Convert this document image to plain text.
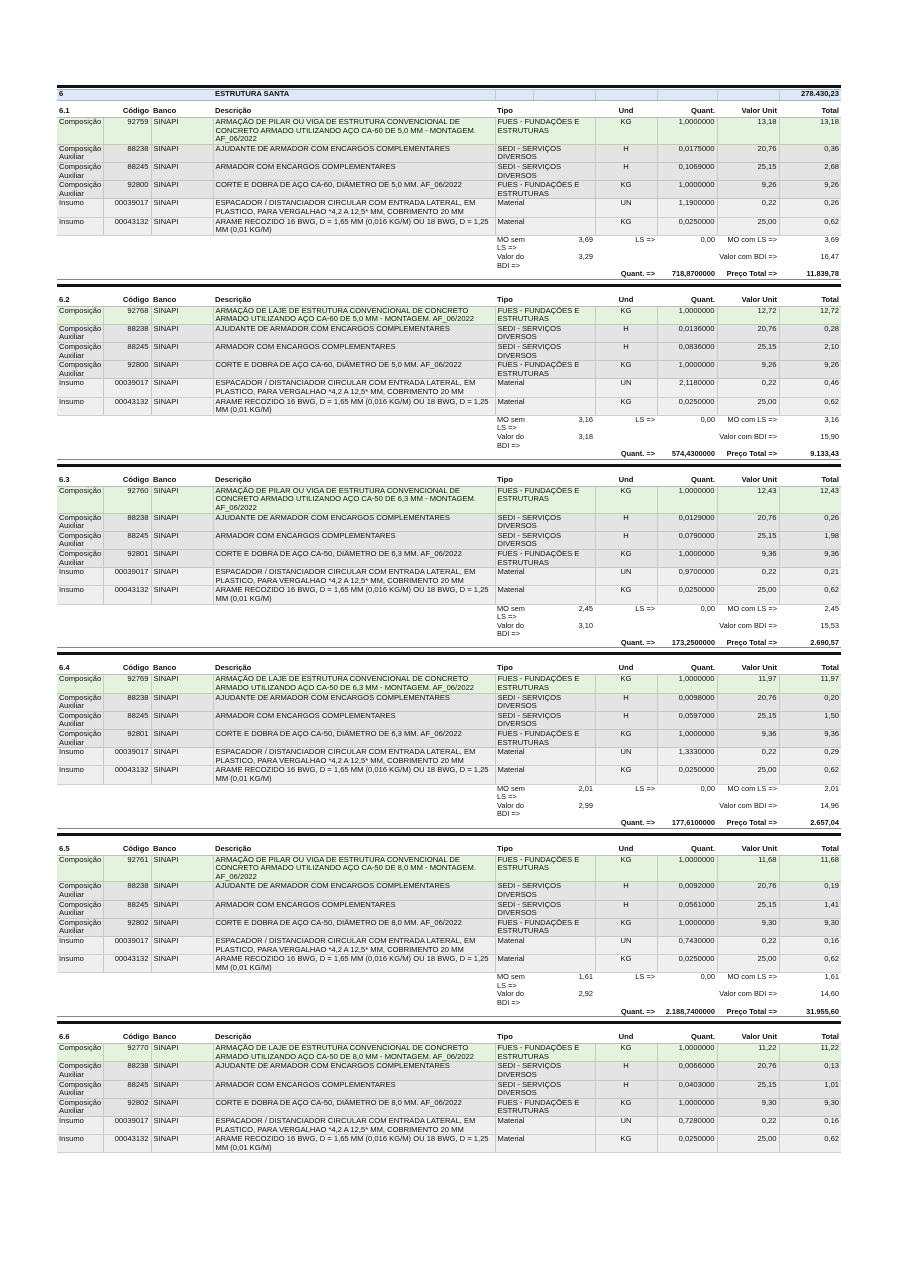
6			ESTRUTURA SANTA						278.430,23
6.1	Código	Banco	Descrição	Tipo		Und	Quant.	Valor Unit	Total
Composição	92759	SINAPI	ARMAÇÃO DE PILAR OU VIGA DE ESTRUTURA CONVENCIONAL DE CONCRETO ARMADO UTILIZANDO AÇO CA-60 DE 5,0 MM - MONTAGEM. AF_06/2022	FUES - FUNDAÇÕES E ESTRUTURAS		KG	1,0000000	13,18	13,18
Composição Auxiliar	88238	SINAPI	AJUDANTE DE ARMADOR COM ENCARGOS COMPLEMENTARES	SEDI - SERVIÇOS DIVERSOS		H	0,0175000	20,76	0,36
Composição Auxiliar	88245	SINAPI	ARMADOR COM ENCARGOS COMPLEMENTARES	SEDI - SERVIÇOS DIVERSOS		H	0,1069000	25,15	2,68
Composição Auxiliar	92800	SINAPI	CORTE E DOBRA DE AÇO CA-60, DIÂMETRO DE 5,0 MM. AF_06/2022	FUES - FUNDAÇÕES E ESTRUTURAS		KG	1,0000000	9,26	9,26
Insumo	00039017	SINAPI	ESPACADOR / DISTANCIADOR CIRCULAR COM ENTRADA LATERAL, EM PLASTICO, PARA VERGALHAO *4,2 A 12,5* MM, COBRIMENTO 20 MM	Material		UN	1,1900000	0,22	0,26
Insumo	00043132	SINAPI	ARAME RECOZIDO 16 BWG, D = 1,65 MM (0,016 KG/M) OU 18 BWG, D = 1,25 MM (0,01 KG/M)	Material		KG	0,0250000	25,00	0,62
				MO sem LS =>	3,69	LS =>	0,00	MO com LS =>	3,69
				Valor do BDI =>	3,29			Valor com BDI =>	16,47
						Quant. =>	718,8700000	Preço Total =>	11.839,78
6.2	Código	Banco	Descrição	Tipo		Und	Quant.	Valor Unit	Total
Composição	92768	SINAPI	ARMAÇÃO DE LAJE DE ESTRUTURA CONVENCIONAL DE CONCRETO ARMADO UTILIZANDO AÇO CA-60 DE 5,0 MM - MONTAGEM. AF_06/2022	FUES - FUNDAÇÕES E ESTRUTURAS		KG	1,0000000	12,72	12,72
Composição Auxiliar	88238	SINAPI	AJUDANTE DE ARMADOR COM ENCARGOS COMPLEMENTARES	SEDI - SERVIÇOS DIVERSOS		H	0,0136000	20,76	0,28
Composição Auxiliar	88245	SINAPI	ARMADOR COM ENCARGOS COMPLEMENTARES	SEDI - SERVIÇOS DIVERSOS		H	0,0836000	25,15	2,10
Composição Auxiliar	92800	SINAPI	CORTE E DOBRA DE AÇO CA-60, DIÂMETRO DE 5,0 MM. AF_06/2022	FUES - FUNDAÇÕES E ESTRUTURAS		KG	1,0000000	9,26	9,26
Insumo	00039017	SINAPI	ESPACADOR / DISTANCIADOR CIRCULAR COM ENTRADA LATERAL, EM PLASTICO, PARA VERGALHAO *4,2 A 12,5* MM, COBRIMENTO 20 MM	Material		UN	2,1180000	0,22	0,46
Insumo	00043132	SINAPI	ARAME RECOZIDO 16 BWG, D = 1,65 MM (0,016 KG/M) OU 18 BWG, D = 1,25 MM (0,01 KG/M)	Material		KG	0,0250000	25,00	0,62
				MO sem LS =>	3,16	LS =>	0,00	MO com LS =>	3,16
				Valor do BDI =>	3,18			Valor com BDI =>	15,90
						Quant. =>	574,4300000	Preço Total =>	9.133,43
6.3	Código	Banco	Descrição	Tipo		Und	Quant.	Valor Unit	Total
Composição	92760	SINAPI	ARMAÇÃO DE PILAR OU VIGA DE ESTRUTURA CONVENCIONAL DE CONCRETO ARMADO UTILIZANDO AÇO CA-50 DE 6,3 MM - MONTAGEM. AF_06/2022	FUES - FUNDAÇÕES E ESTRUTURAS		KG	1,0000000	12,43	12,43
Composição Auxiliar	88238	SINAPI	AJUDANTE DE ARMADOR COM ENCARGOS COMPLEMENTARES	SEDI - SERVIÇOS DIVERSOS		H	0,0129000	20,76	0,26
Composição Auxiliar	88245	SINAPI	ARMADOR COM ENCARGOS COMPLEMENTARES	SEDI - SERVIÇOS DIVERSOS		H	0,0790000	25,15	1,98
Composição Auxiliar	92801	SINAPI	CORTE E DOBRA DE AÇO CA-50, DIÂMETRO DE 6,3 MM. AF_06/2022	FUES - FUNDAÇÕES E ESTRUTURAS		KG	1,0000000	9,36	9,36
Insumo	00039017	SINAPI	ESPACADOR / DISTANCIADOR CIRCULAR COM ENTRADA LATERAL, EM PLASTICO, PARA VERGALHAO *4,2 A 12,5* MM, COBRIMENTO 20 MM	Material		UN	0,9700000	0,22	0,21
Insumo	00043132	SINAPI	ARAME RECOZIDO 16 BWG, D = 1,65 MM (0,016 KG/M) OU 18 BWG, D = 1,25 MM (0,01 KG/M)	Material		KG	0,0250000	25,00	0,62
				MO sem LS =>	2,45	LS =>	0,00	MO com LS =>	2,45
				Valor do BDI =>	3,10			Valor com BDI =>	15,53
						Quant. =>	173,2500000	Preço Total =>	2.690,57
6.4	Código	Banco	Descrição	Tipo		Und	Quant.	Valor Unit	Total
Composição	92769	SINAPI	ARMAÇÃO DE LAJE DE ESTRUTURA CONVENCIONAL DE CONCRETO ARMADO UTILIZANDO AÇO CA-50 DE 6,3 MM - MONTAGEM. AF_06/2022	FUES - FUNDAÇÕES E ESTRUTURAS		KG	1,0000000	11,97	11,97
Composição Auxiliar	88238	SINAPI	AJUDANTE DE ARMADOR COM ENCARGOS COMPLEMENTARES	SEDI - SERVIÇOS DIVERSOS		H	0,0098000	20,76	0,20
Composição Auxiliar	88245	SINAPI	ARMADOR COM ENCARGOS COMPLEMENTARES	SEDI - SERVIÇOS DIVERSOS		H	0,0597000	25,15	1,50
Composição Auxiliar	92801	SINAPI	CORTE E DOBRA DE AÇO CA-50, DIÂMETRO DE 6,3 MM. AF_06/2022	FUES - FUNDAÇÕES E ESTRUTURAS		KG	1,0000000	9,36	9,36
Insumo	00039017	SINAPI	ESPACADOR / DISTANCIADOR CIRCULAR COM ENTRADA LATERAL, EM PLASTICO, PARA VERGALHAO *4,2 A 12,5* MM, COBRIMENTO 20 MM	Material		UN	1,3330000	0,22	0,29
Insumo	00043132	SINAPI	ARAME RECOZIDO 16 BWG, D = 1,65 MM (0,016 KG/M) OU 18 BWG, D = 1,25 MM (0,01 KG/M)	Material		KG	0,0250000	25,00	0,62
				MO sem LS =>	2,01	LS =>	0,00	MO com LS =>	2,01
				Valor do BDI =>	2,99			Valor com BDI =>	14,96
						Quant. =>	177,6100000	Preço Total =>	2.657,04
6.5	Código	Banco	Descrição	Tipo		Und	Quant.	Valor Unit	Total
Composição	92761	SINAPI	ARMAÇÃO DE PILAR OU VIGA DE ESTRUTURA CONVENCIONAL DE CONCRETO ARMADO UTILIZANDO AÇO CA-50 DE 8,0 MM - MONTAGEM. AF_06/2022	FUES - FUNDAÇÕES E ESTRUTURAS		KG	1,0000000	11,68	11,68
Composição Auxiliar	88238	SINAPI	AJUDANTE DE ARMADOR COM ENCARGOS COMPLEMENTARES	SEDI - SERVIÇOS DIVERSOS		H	0,0092000	20,76	0,19
Composição Auxiliar	88245	SINAPI	ARMADOR COM ENCARGOS COMPLEMENTARES	SEDI - SERVIÇOS DIVERSOS		H	0,0561000	25,15	1,41
Composição Auxiliar	92802	SINAPI	CORTE E DOBRA DE AÇO CA-50, DIÂMETRO DE 8,0 MM. AF_06/2022	FUES - FUNDAÇÕES E ESTRUTURAS		KG	1,0000000	9,30	9,30
Insumo	00039017	SINAPI	ESPACADOR / DISTANCIADOR CIRCULAR COM ENTRADA LATERAL, EM PLASTICO, PARA VERGALHAO *4,2 A 12,5* MM, COBRIMENTO 20 MM	Material		UN	0,7430000	0,22	0,16
Insumo	00043132	SINAPI	ARAME RECOZIDO 16 BWG, D = 1,65 MM (0,016 KG/M) OU 18 BWG, D = 1,25 MM (0,01 KG/M)	Material		KG	0,0250000	25,00	0,62
				MO sem LS =>	1,61	LS =>	0,00	MO com LS =>	1,61
				Valor do BDI =>	2,92			Valor com BDI =>	14,60
						Quant. =>	2.188,7400000	Preço Total =>	31.955,60
6.6	Código	Banco	Descrição	Tipo	Und	Quant.	Valor Unit	Total
Composição	92770	SINAPI	ARMAÇÃO DE LAJE DE ESTRUTURA CONVENCIONAL DE CONCRETO ARMADO UTILIZANDO AÇO CA-50 DE 8,0 MM - MONTAGEM. AF_06/2022	FUES - FUNDAÇÕES E ESTRUTURAS	KG	1,0000000	11,22	11,22
Composição Auxiliar	88238	SINAPI	AJUDANTE DE ARMADOR COM ENCARGOS COMPLEMENTARES	SEDI - SERVIÇOS DIVERSOS	H	0,0066000	20,76	0,13
Composição Auxiliar	88245	SINAPI	ARMADOR COM ENCARGOS COMPLEMENTARES	SEDI - SERVIÇOS DIVERSOS	H	0,0403000	25,15	1,01
Composição Auxiliar	92802	SINAPI	CORTE E DOBRA DE AÇO CA-50, DIÂMETRO DE 8,0 MM. AF_06/2022	FUES - FUNDAÇÕES E ESTRUTURAS	KG	1,0000000	9,30	9,30
Insumo	00039017	SINAPI	ESPACADOR / DISTANCIADOR CIRCULAR COM ENTRADA LATERAL, EM PLASTICO, PARA VERGALHAO *4,2 A 12,5* MM, COBRIMENTO 20 MM	Material	UN	0,7280000	0,22	0,16
Insumo	00043132	SINAPI	ARAME RECOZIDO 16 BWG, D = 1,65 MM (0,016 KG/M) OU 18 BWG, D = 1,25 MM (0,01 KG/M)	Material	KG	0,0250000	25,00	0,62
